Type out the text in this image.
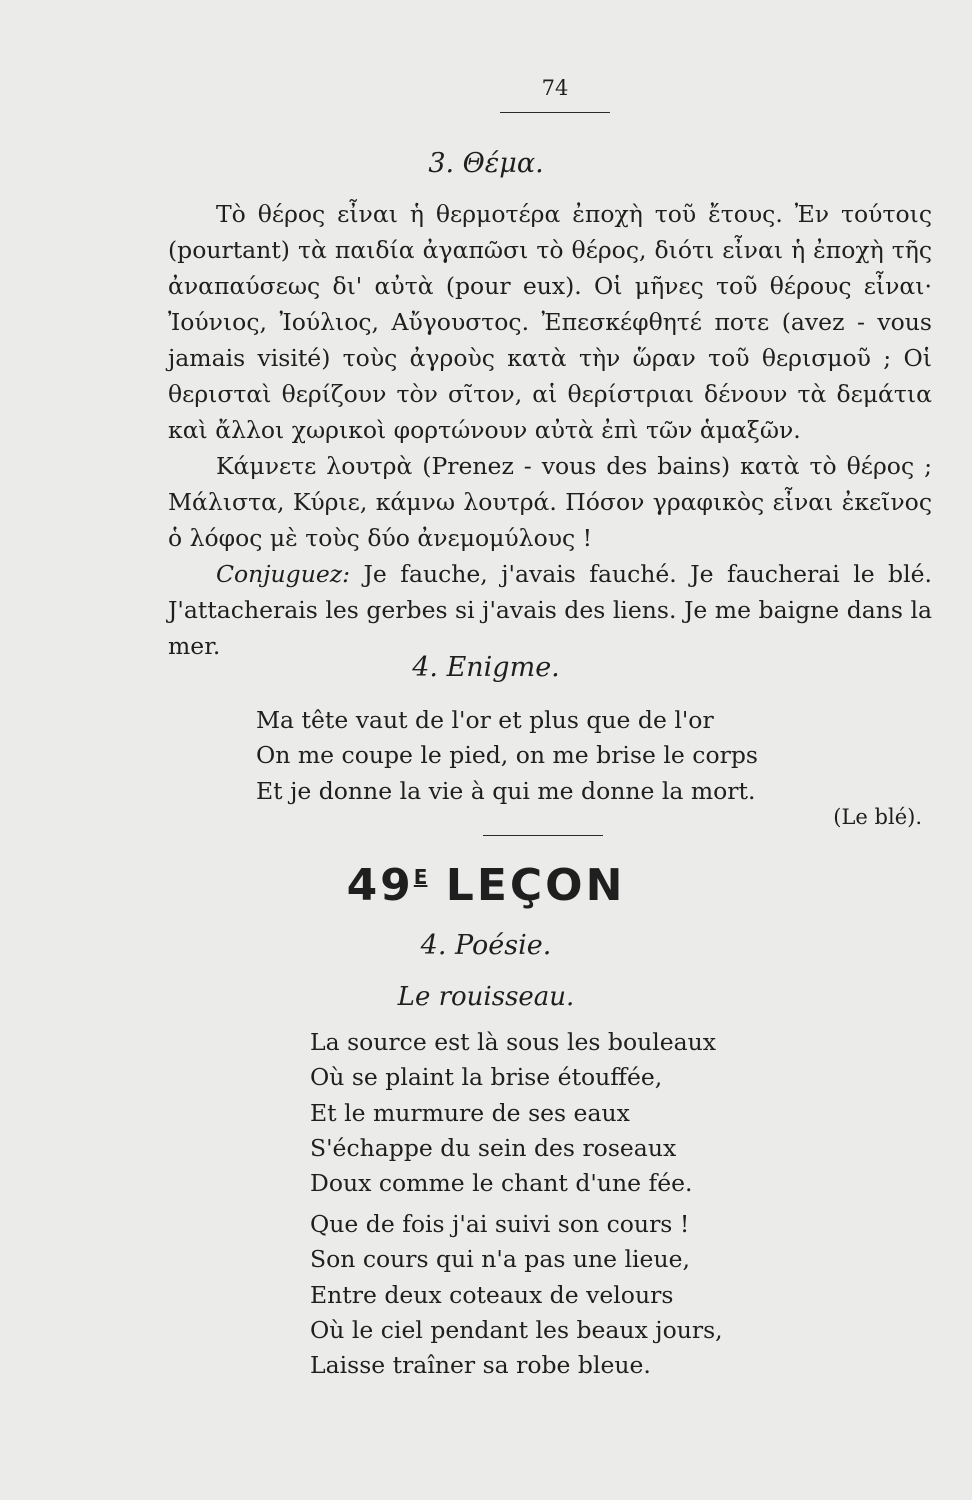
74
3. Θέμα.

Τὸ θέρος εἶναι ἡ θερμοτέρα ἐποχὴ τοῦ ἔτους. Ἐν τούτοις (pourtant) τὰ παιδία ἀγαπῶσι τὸ θέρος, διότι εἶναι ἡ ἐποχὴ τῆς ἀναπαύσεως δι' αὐτὰ (pour eux). Οἱ μῆνες τοῦ θέρους εἶναι· Ἰούνιος, Ἰούλιος, Αὔγουστος. Ἐπεσκέφθητέ ποτε (avez - vous jamais visité) τοὺς ἀγροὺς κατὰ τὴν ὥραν τοῦ θερισμοῦ ; Οἱ θερισταὶ θερίζουν τὸν σῖτον, αἱ θερίστριαι δένουν τὰ δεμάτια καὶ ἄλλοι χωρικοὶ φορτώνουν αὐτὰ ἐπὶ τῶν ἁμαξῶν.

Κάμνετε λουτρὰ (Prenez - vous des bains) κατὰ τὸ θέρος ; Μάλιστα, Κύριε, κάμνω λουτρά. Πόσον γραφικὸς εἶναι ἐκεῖνος ὁ λόφος μὲ τοὺς δύο ἀνεμομύλους !

Conjuguez: Je fauche, j'avais fauché. Je faucherai le blé. J'attacherais les gerbes si j'avais des liens. Je me baigne dans la mer.

4. Enigme.
Ma tête vaut de l'or et plus que de l'or
On me coupe le pied, on me brise le corps
Et je donne la vie à qui me donne la mort.
(Le blé).
$49^E$ LEÇON
4. Poésie.
Le rouisseau.
La source est là sous les bouleaux
Où se plaint la brise étouffée,
Et le murmure de ses eaux
S'échappe du sein des roseaux
Doux comme le chant d'une fée.
Que de fois j'ai suivi son cours !
Son cours qui n'a pas une lieue,
Entre deux coteaux de velours
Où le ciel pendant les beaux jours,
Laisse traîner sa robe bleue.
